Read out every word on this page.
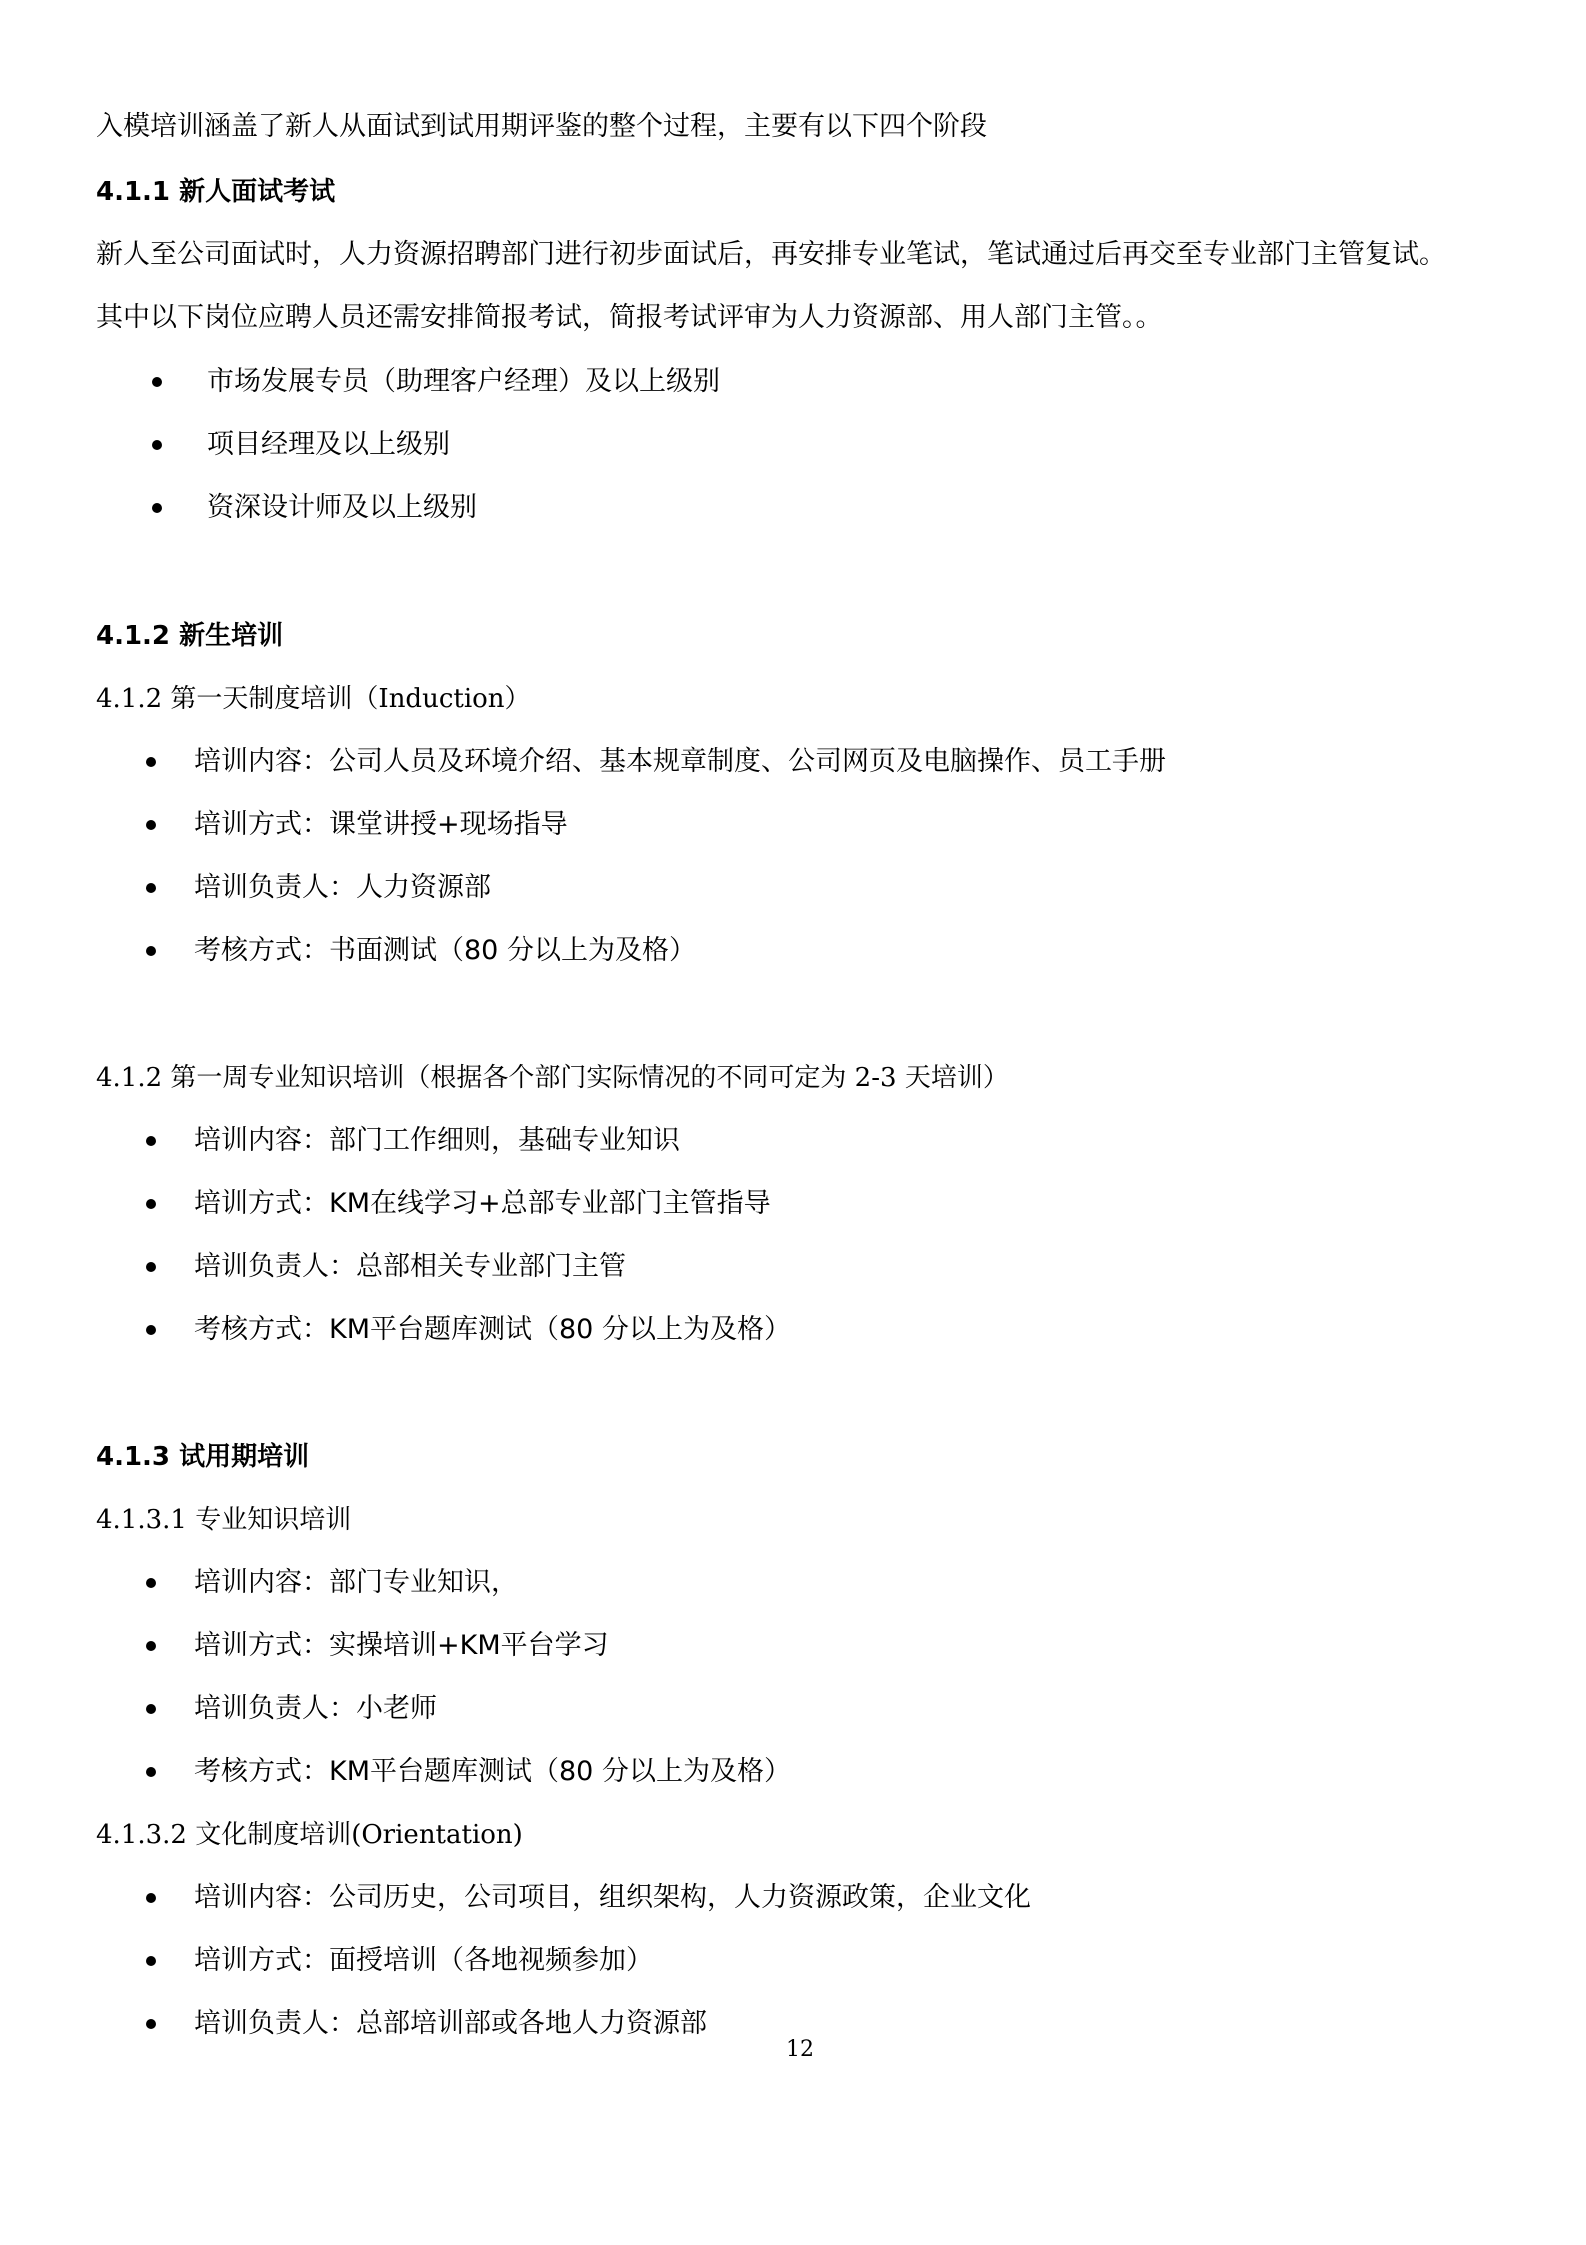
入模培训涵盖了新人从面试到试用期评鉴的整个过程，主要有以下四个阶段
4.1.1 新人面试考试
新人至公司面试时，人力资源招聘部门进行初步面试后，再安排专业笔试，笔试通过后再交至专业部门主管复试。
其中以下岗位应聘人员还需安排简报考试，简报考试评审为人力资源部、用人部门主管。。
市场发展专员（助理客户经理）及以上级别
项目经理及以上级别
资深设计师及以上级别
4.1.2 新生培训
4.1.2 第一天制度培训（Induction）
培训内容：公司人员及环境介绍、基本规章制度、公司网页及电脑操作、员工手册
培训方式：课堂讲授+现场指导
培训负责人：人力资源部
考核方式：书面测试（80 分以上为及格）
4.1.2 第一周专业知识培训（根据各个部门实际情况的不同可定为 2-3 天培训）
培训内容：部门工作细则，基础专业知识
培训方式：KM在线学习+总部专业部门主管指导
培训负责人：总部相关专业部门主管
考核方式：KM平台题库测试（80 分以上为及格）
4.1.3 试用期培训
4.1.3.1 专业知识培训
培训内容：部门专业知识，
培训方式：实操培训+KM平台学习
培训负责人：小老师
考核方式：KM平台题库测试（80 分以上为及格）
4.1.3.2 文化制度培训(Orientation)
培训内容：公司历史，公司项目，组织架构，人力资源政策，企业文化
培训方式：面授培训（各地视频参加）
培训负责人：总部培训部或各地人力资源部
12
